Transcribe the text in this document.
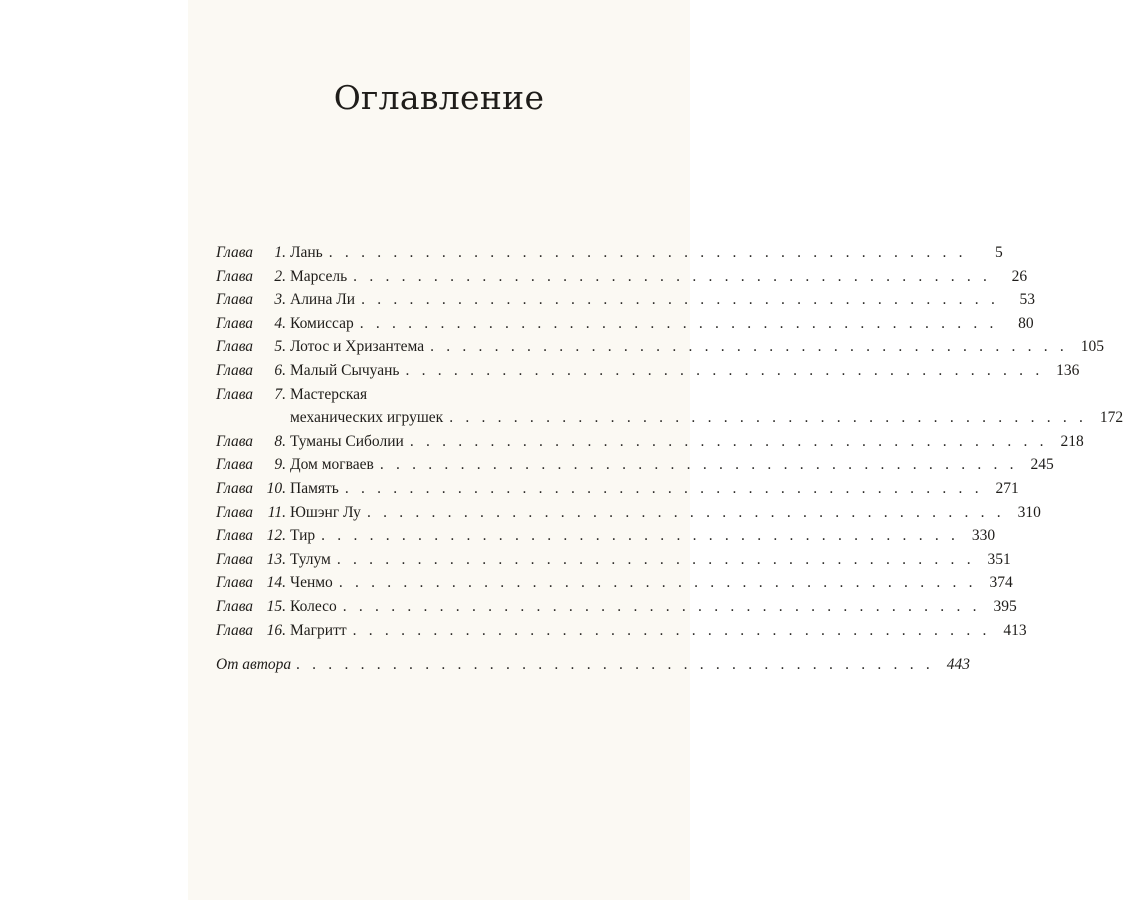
Оглавление
Глава	1. Лань . . . . . . . . . . . . . . . . . . . . . . . . . . . . . . . . . . . . . . . .	5
Глава	2. Марсель . . . . . . . . . . . . . . . . . . . . . . . . . . . . . . . . . . . . . . . .	26
Глава	3. Алина Ли . . . . . . . . . . . . . . . . . . . . . . . . . . . . . . . . . . . . . . . .	53
Глава	4. Комиссар . . . . . . . . . . . . . . . . . . . . . . . . . . . . . . . . . . . . . . . .	80
Глава	5. Лотос и Хризантема . . . . . . . . . . . . . . . . . . . . . . . . . . . . . . . . . . . . . . . . 105
Глава	6. Малый Сычуань . . . . . . . . . . . . . . . . . . . . . . . . . . . . . . . . . . . . . . . . 136
Глава	7. Мастерская
механических игрушек . . . . . . . . . . . . . . . . . . . . . . . . . . . . . . . . . . . . . . . . 172
Глава	8. Туманы Сиболии . . . . . . . . . . . . . . . . . . . . . . . . . . . . . . . . . . . . . . . . 218
Глава	9. Дом могваев . . . . . . . . . . . . . . . . . . . . . . . . . . . . . . . . . . . . . . . . 245
Глава 10. Память . . . . . . . . . . . . . . . . . . . . . . . . . . . . . . . . . . . . . . . . 271
Глава 11. Юшэнг Лу . . . . . . . . . . . . . . . . . . . . . . . . . . . . . . . . . . . . . . . . 310
Глава 12. Тир . . . . . . . . . . . . . . . . . . . . . . . . . . . . . . . . . . . . . . . . 330
Глава 13. Тулум . . . . . . . . . . . . . . . . . . . . . . . . . . . . . . . . . . . . . . . . 351
Глава 14. Ченмо . . . . . . . . . . . . . . . . . . . . . . . . . . . . . . . . . . . . . . . . 374
Глава 15. Колесо . . . . . . . . . . . . . . . . . . . . . . . . . . . . . . . . . . . . . . . . 395
Глава 16. Магритт . . . . . . . . . . . . . . . . . . . . . . . . . . . . . . . . . . . . . . . . 413
От автора . . . . . . . . . . . . . . . . . . . . . . . . . . . . . . . . . . . . . . . . 443
